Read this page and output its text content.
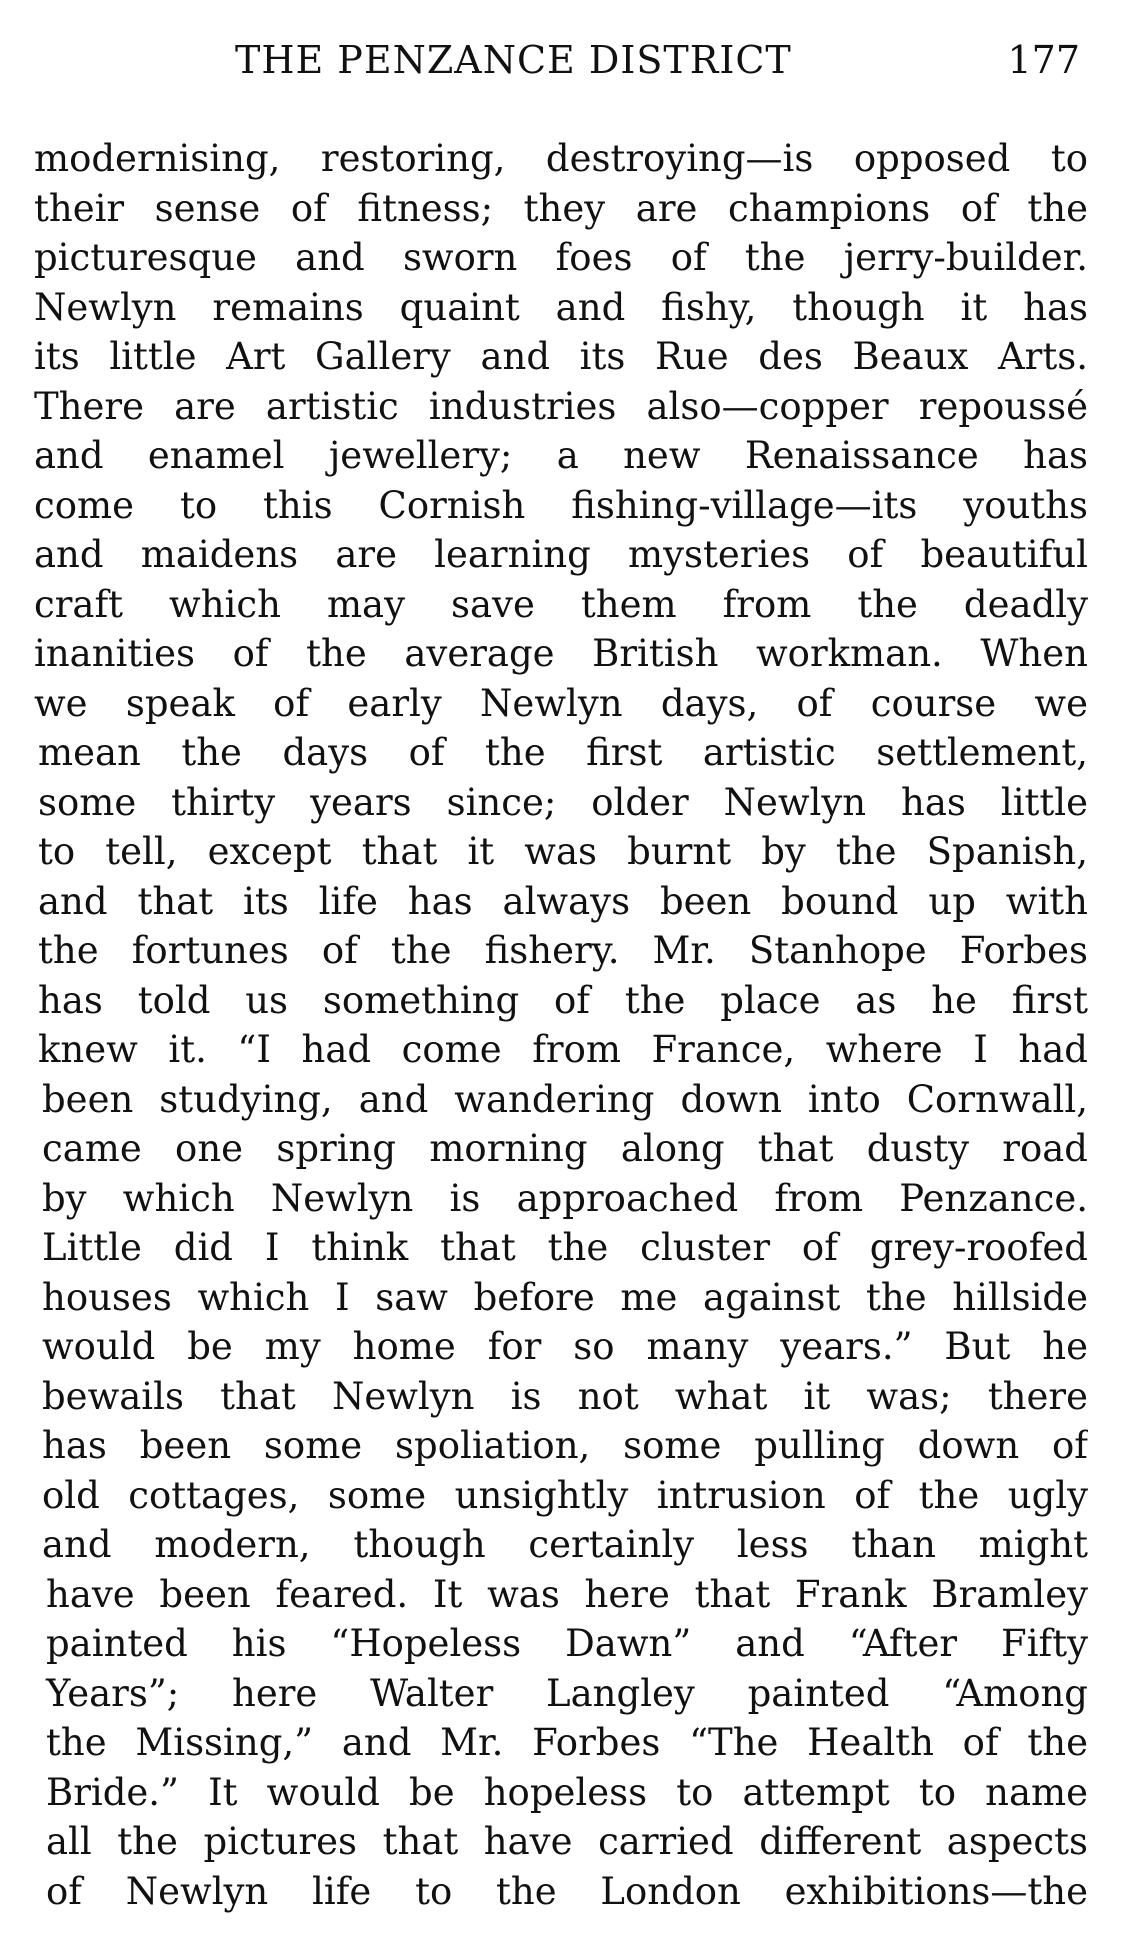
THE PENZANCE DISTRICT	177
modernising, restoring, destroying—is opposed to
their sense of fitness; they are champions of the
picturesque and sworn foes of the jerry-builder.
Newlyn remains quaint and fishy, though it has
its little Art Gallery and its Rue des Beaux Arts.
There are artistic industries also—copper repoussé
and enamel jewellery; a new Renaissance has
come to this Cornish fishing-village—its youths
and maidens are learning mysteries of beautiful
craft which may save them from the deadly
inanities of the average British workman. When
we speak of early Newlyn days, of course we
mean the days of the first artistic settlement,
some thirty years since; older Newlyn has little
to tell, except that it was burnt by the Spanish,
and that its life has always been bound up with
the fortunes of the fishery. Mr. Stanhope Forbes
has told us something of the place as he first
knew it. “I had come from France, where I had
been studying, and wandering down into Cornwall,
came one spring morning along that dusty road
by which Newlyn is approached from Penzance.
Little did I think that the cluster of grey-roofed
houses which I saw before me against the hillside
would be my home for so many years.” But he
bewails that Newlyn is not what it was; there
has been some spoliation, some pulling down of
old cottages, some unsightly intrusion of the ugly
and modern, though certainly less than might
have been feared. It was here that Frank Bramley
painted his “Hopeless Dawn” and “After Fifty
Years”; here Walter Langley painted “Among
the Missing,” and Mr. Forbes “The Health of the
Bride.” It would be hopeless to attempt to name
all the pictures that have carried different aspects
of Newlyn life to the London exhibitions—the
